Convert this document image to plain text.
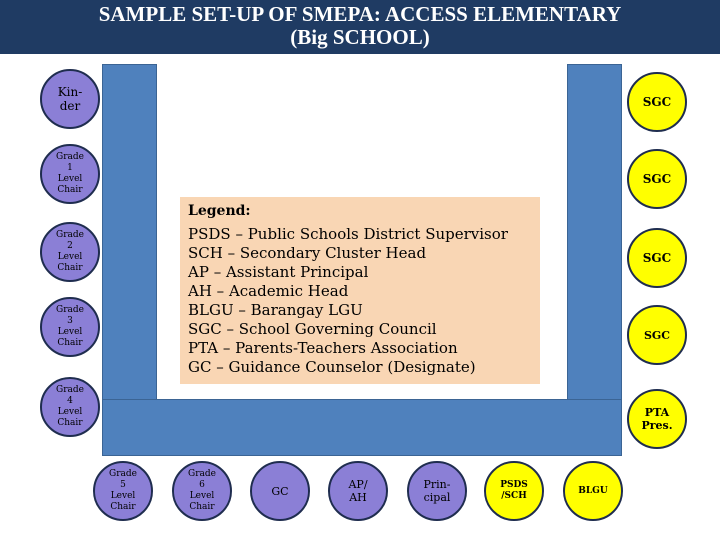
SAMPLE SET-UP OF SMEPA: ACCESS ELEMENTARY
(Big SCHOOL)
Kin-
der
Grade
1
Level
Chair
Grade
2
Level
Chair
Grade
3
Level
Chair
Grade
4
Level
Chair
SGC
SGC
SGC
SGC
PTA
Pres.
Grade
5
Level
Chair
Grade
6
Level
Chair
GC	AP/
AH
Prin-
cipal
PSDS
/SCH
BLGU
Legend:
PSDS – Public Schools District Supervisor
SCH – Secondary Cluster Head
AP – Assistant Principal
AH – Academic Head
BLGU – Barangay LGU
SGC – School Governing Council
PTA – Parents-Teachers Association
GC – Guidance Counselor (Designate)
